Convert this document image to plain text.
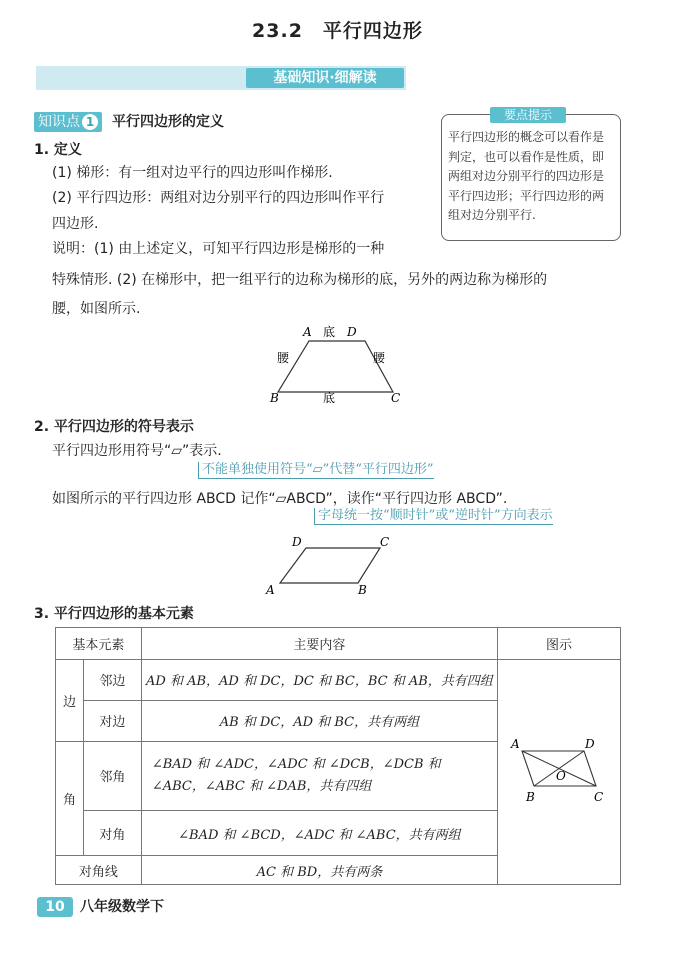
23.2　平行四边形
基础知识·细解读
知识点 1 平行四边形的定义	要点提示
平行四边形的概念可以看作是判定，也可以看作是性质，即两组对边分别平行的四边形是平行四边形；平行四边形的两组对边分别平行.
1. 定义
(1) 梯形：有一组对边平行的四边形叫作梯形.
(2) 平行四边形：两组对边分别平行的四边形叫作平行
四边形.
说明：(1) 由上述定义，可知平行四边形是梯形的一种
特殊情形. (2) 在梯形中，把一组平行的边称为梯形的底，另外的两边称为梯形的
腰，如图所示.
A 底 D
腰	腰
B	底	C
2. 平行四边形的符号表示
平行四边形用符号“▱”表示.
不能单独使用符号“▱”代替“平行四边形”
如图所示的平行四边形 ABCD 记作“▱ABCD”，读作“平行四边形 ABCD”.
字母统一按“顺时针”或“逆时针”方向表示
D	C
A	B
3. 平行四边形的基本元素
基本元素		主要内容	图示
边	邻边	AD 和 AB，AD 和 DC，DC 和 BC，BC 和 AB，共有四组	A D
O
B C

	对边	AB 和 DC，AD 和 BC，共有两组	
角	邻角	∠BAD 和 ∠ADC，∠ADC 和 ∠DCB，∠DCB 和 ∠ABC，∠ABC 和 ∠DAB，共有四组	
	对角	∠BAD 和 ∠BCD，∠ADC 和 ∠ABC，共有两组	
对角线		AC 和 BD，共有两条	
10	八年级数学下
